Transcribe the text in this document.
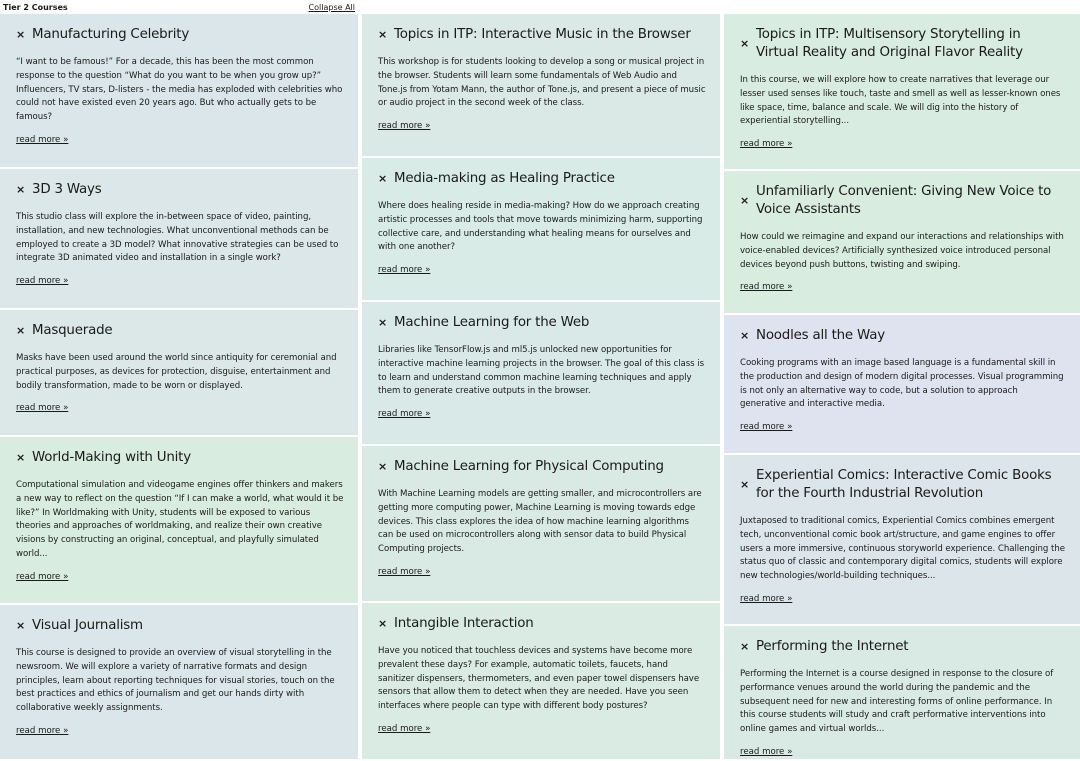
Tier 2 Courses	Collapse All
× Manufacturing Celebrity

“I want to be famous!” For a decade, this has been the most common response to the question “What do you want to be when you grow up?” Influencers, TV stars, D-listers - the media has exploded with celebrities who could not have existed even 20 years ago. But who actually gets to be famous?

read more »
× 3D 3 Ways

This studio class will explore the in-between space of video, painting, installation, and new technologies. What unconventional methods can be employed to create a 3D model? What innovative strategies can be used to integrate 3D animated video and installation in a single work?

read more »
× Masquerade

Masks have been used around the world since antiquity for ceremonial and practical purposes, as devices for protection, disguise, entertainment and bodily transformation, made to be worn or displayed.

read more »
× World-Making with Unity

Computational simulation and videogame engines offer thinkers and makers a new way to reflect on the question “If I can make a world, what would it be like?” In Worldmaking with Unity, students will be exposed to various theories and approaches of worldmaking, and realize their own creative visions by constructing an original, conceptual, and playfully simulated world...

read more »
× Visual Journalism

This course is designed to provide an overview of visual storytelling in the newsroom. We will explore a variety of narrative formats and design principles, learn about reporting techniques for visual stories, touch on the best practices and ethics of journalism and get our hands dirty with collaborative weekly assignments.

read more »
× Topics in ITP: Interactive Music in the Browser

This workshop is for students looking to develop a song or musical project in the browser. Students will learn some fundamentals of Web Audio and Tone.js from Yotam Mann, the author of Tone.js, and present a piece of music or audio project in the second week of the class.

read more »
× Media-making as Healing Practice

Where does healing reside in media-making? How do we approach creating artistic processes and tools that move towards minimizing harm, supporting collective care, and understanding what healing means for ourselves and with one another?

read more »
× Machine Learning for the Web

Libraries like TensorFlow.js and ml5.js unlocked new opportunities for interactive machine learning projects in the browser. The goal of this class is to learn and understand common machine learning techniques and apply them to generate creative outputs in the browser.

read more »
× Machine Learning for Physical Computing

With Machine Learning models are getting smaller, and microcontrollers are getting more computing power, Machine Learning is moving towards edge devices. This class explores the idea of how machine learning algorithms can be used on microcontrollers along with sensor data to build Physical Computing projects.

read more »
× Intangible Interaction

Have you noticed that touchless devices and systems have become more prevalent these days? For example, automatic toilets, faucets, hand sanitizer dispensers, thermometers, and even paper towel dispensers have sensors that allow them to detect when they are needed. Have you seen interfaces where people can type with different body postures?

read more »
×
Topics in ITP: Multisensory Storytelling in Virtual Reality and Original Flavor Reality

In this course, we will explore how to create narratives that leverage our lesser used senses like touch, taste and smell as well as lesser-known ones like space, time, balance and scale. We will dig into the history of experiential storytelling...

read more »
×
Unfamiliarly Convenient: Giving New Voice to Voice Assistants

How could we reimagine and expand our interactions and relationships with voice-enabled devices? Artificially synthesized voice introduced personal devices beyond push buttons, twisting and swiping.

read more »
× Noodles all the Way

Cooking programs with an image based language is a fundamental skill in the production and design of modern digital processes. Visual programming is not only an alternative way to code, but a solution to approach generative and interactive media.

read more »
×
Experiential Comics: Interactive Comic Books for the Fourth Industrial Revolution

Juxtaposed to traditional comics, Experiential Comics combines emergent tech, unconventional comic book art/structure, and game engines to offer users a more immersive, continuous storyworld experience. Challenging the status quo of classic and contemporary digital comics, students will explore new technologies/world-building techniques...

read more »
× Performing the Internet

Performing the Internet is a course designed in response to the closure of performance venues around the world during the pandemic and the subsequent need for new and interesting forms of online performance. In this course students will study and craft performative interventions into online games and virtual worlds...

read more »
